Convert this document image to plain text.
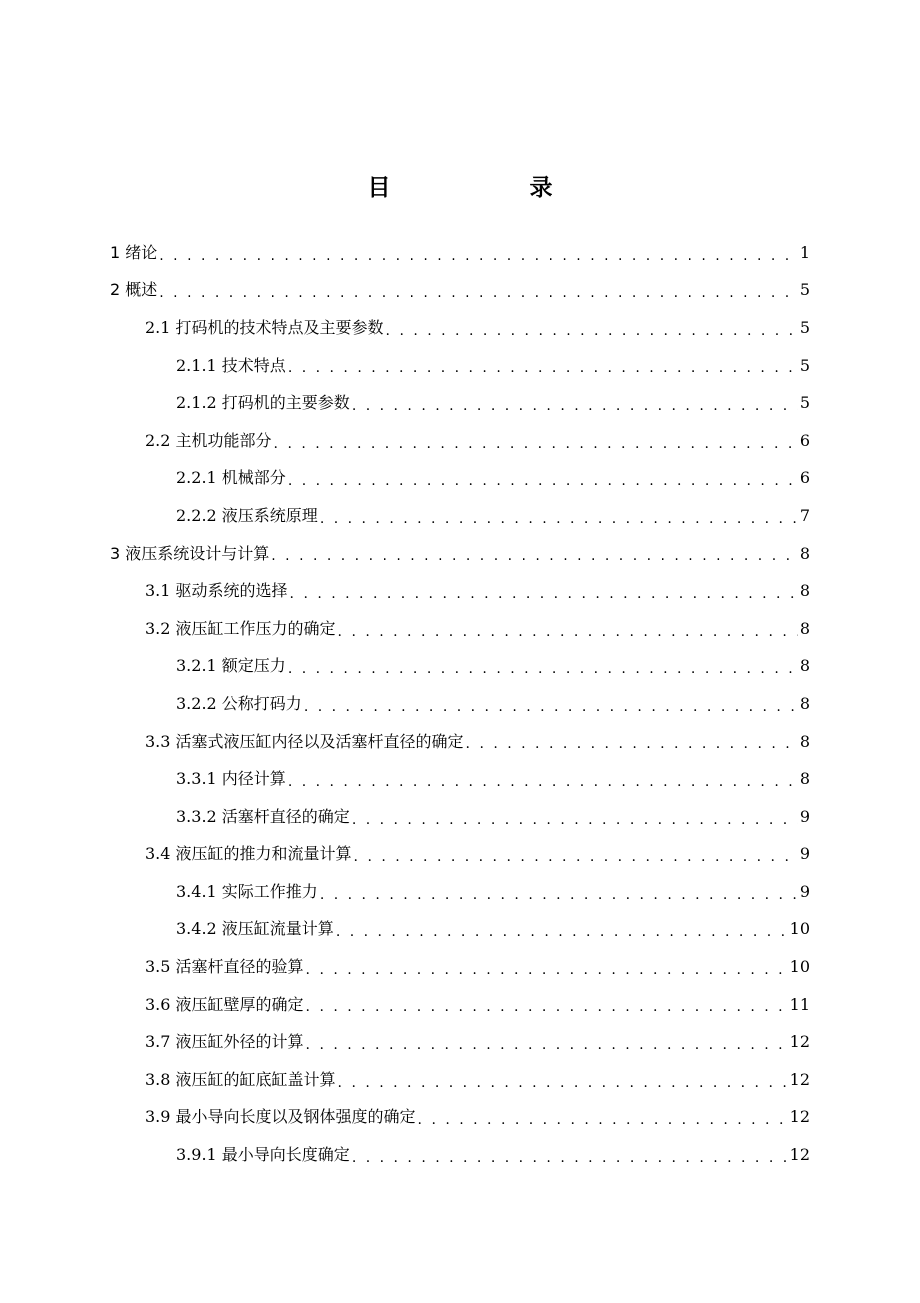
目　录
1 绪论 . . .	1
2 概述 . . .	5
2.1 打码机的技术特点及主要参数 . . .	5
2.1.1 技术特点 . . .	5
2.1.2 打码机的主要参数 . . .	5
2.2 主机功能部分 . . .	6
2.2.1 机械部分 . . .	6
2.2.2 液压系统原理 . . .	7
3 液压系统设计与计算 . . .	8
3.1 驱动系统的选择 . . .	8
3.2 液压缸工作压力的确定 . . .	8
3.2.1 额定压力 . . .	8
3.2.2 公称打码力 . . .	8
3.3 活塞式液压缸内径以及活塞杆直径的确定 . . .	8
3.3.1 内径计算 . . .	8
3.3.2 活塞杆直径的确定 . . .	9
3.4 液压缸的推力和流量计算 . . .	9
3.4.1 实际工作推力 . . .	9
3.4.2 液压缸流量计算 . . .	10
3.5 活塞杆直径的验算 . . .	10
3.6 液压缸壁厚的确定 . . .	11
3.7 液压缸外径的计算 . . .	12
3.8 液压缸的缸底缸盖计算 . . .	12
3.9 最小导向长度以及钢体强度的确定 . . .	12
3.9.1 最小导向长度确定 . . .	12
